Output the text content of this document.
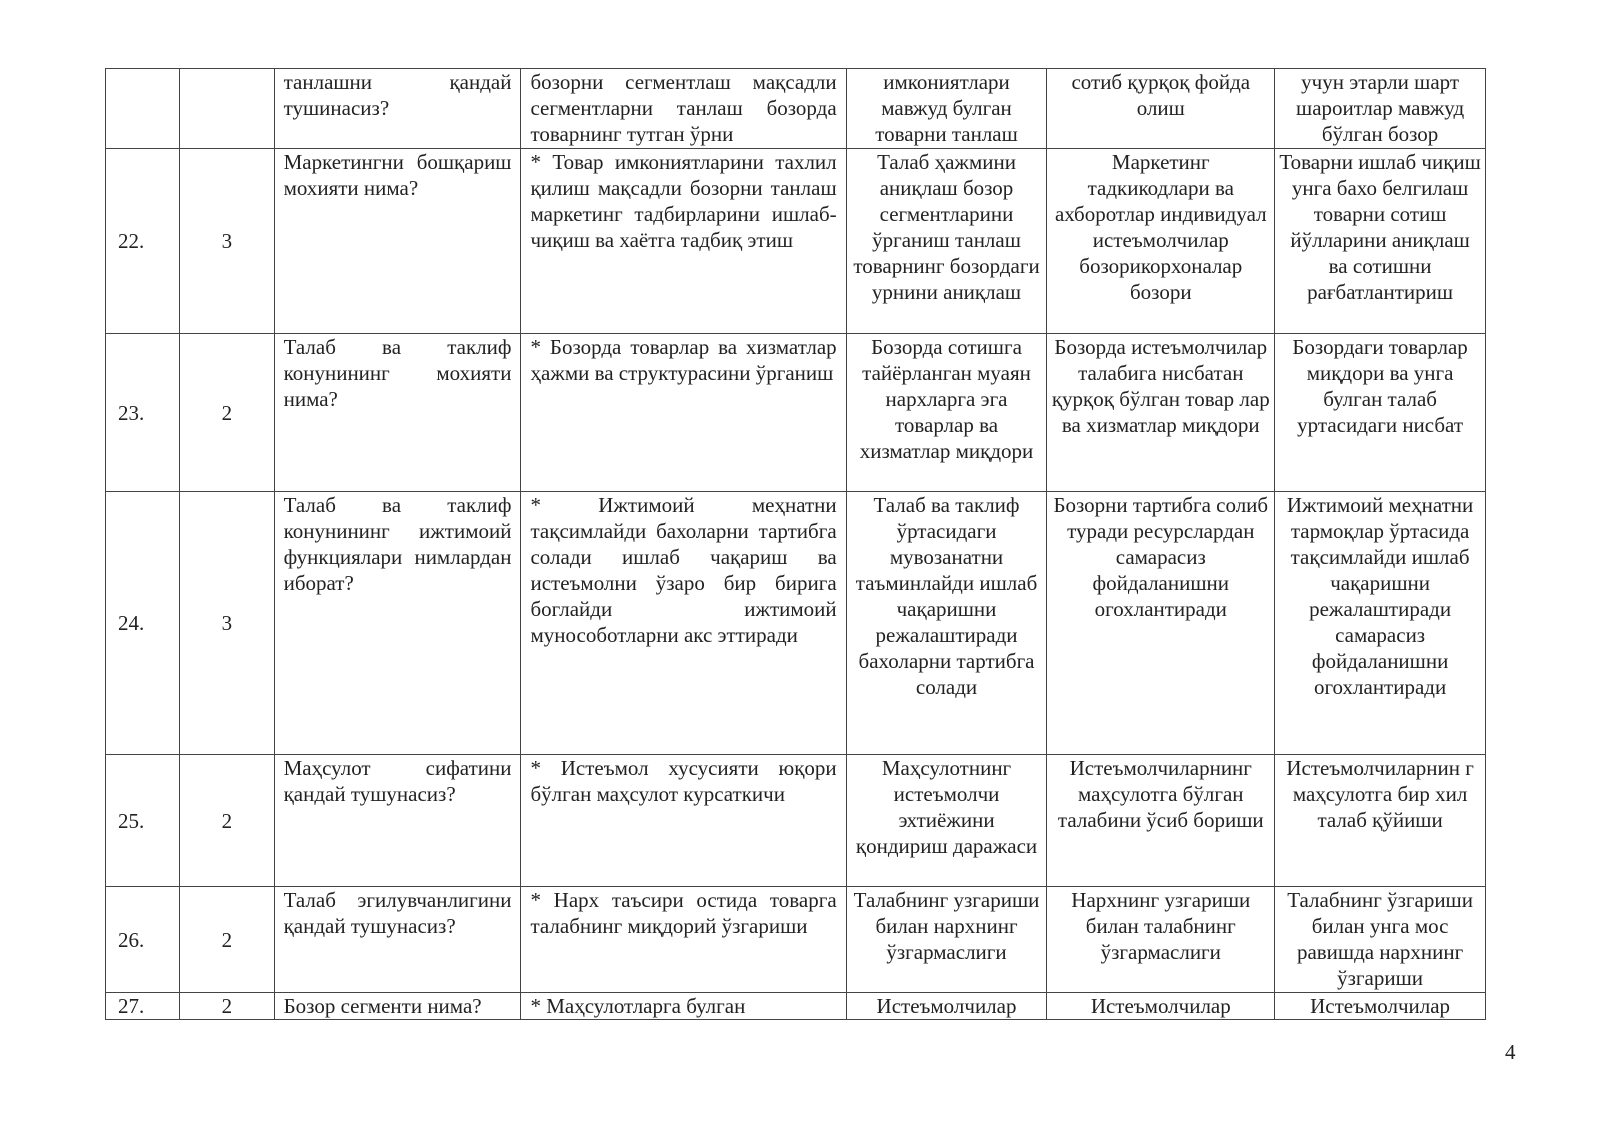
		танлашни қандай тушинасиз?	бозорни сегментлаш мақсадли сегментларни танлаш бозорда товарнинг тутган ўрни	имкониятлари мавжуд булган товарни танлаш	сотиб қурқоқ фойда олиш	учун этарли шарт шароитлар мавжуд бўлган бозор
22.	3	Маркетингни бошқариш мохияти нима?	* Товар имкониятларини тахлил қилиш мақсадли бозорни танлаш маркетинг тадбирларини ишлаб-чиқиш ва хаётга тадбиқ этиш	Талаб ҳажмини аниқлаш бозор сегментларини ўрганиш танлаш товарнинг бозордаги урнини аниқлаш	Маркетинг тадкикодлари ва ахборотлар индивидуал истеъмолчилар бозорикорхоналар бозори	Товарни ишлаб чиқиш унга бахо белгилаш товарни сотиш йўлларини аниқлаш ва сотишни рағбатлантириш
23.	2	Талаб ва таклиф конунининг мохияти нима?	* Бозорда товарлар ва хизматлар ҳажми ва структурасини ўрганиш	Бозорда сотишга тайёрланган муаян нархларга эга товарлар ва хизматлар миқдори	Бозорда истеъмолчилар талабига нисбатан қурқоқ бўлган товар лар ва хизматлар миқдори	Бозордаги товарлар миқдори ва унга булган талаб уртасидаги нисбат
24.	3	Талаб ва таклиф конунининг ижтимоий функциялари нимлардан иборат?	* Ижтимоий меҳнатни тақсимлайди бахоларни тартибга солади ишлаб чақариш ва истеъмолни ўзаро бир бирига боглайди ижтимоий мунособотларни акс эттиради	Талаб ва таклиф ўртасидаги мувозанатни таъминлайди ишлаб чақаришни режалаштиради бахоларни тартибга солади	Бозорни тартибга солиб туради ресурслардан самарасиз фойдаланишни огохлантиради	Ижтимоий меҳнатни тармоқлар ўртасида тақсимлайди ишлаб чақаришни режалаштиради самарасиз фойдаланишни огохлантиради
25.	2	Маҳсулот сифатини қандай тушунасиз?	* Истеъмол хусусияти юқори бўлган маҳсулот курсаткичи	Маҳсулотнинг истеъмолчи эхтиёжини қондириш даражаси	Истеъмолчиларнинг маҳсулотга бўлган талабини ўсиб бориши	Истеъмолчиларнин г маҳсулотга бир хил талаб қўйиши
26.	2	Талаб эгилувчанлигини қандай тушунасиз?	* Нарх таъсири остида товарга талабнинг миқдорий ўзгариши	Талабнинг узгариши билан нархнинг ўзгармаслиги	Нархнинг узгариши билан талабнинг ўзгармаслиги	Талабнинг ўзгариши билан унга мос равишда нархнинг ўзгариши
27.	2	Бозор сегменти нима?	* Маҳсулотларга булган	Истеъмолчилар	Истеъмолчилар	Истеъмолчилар
4
